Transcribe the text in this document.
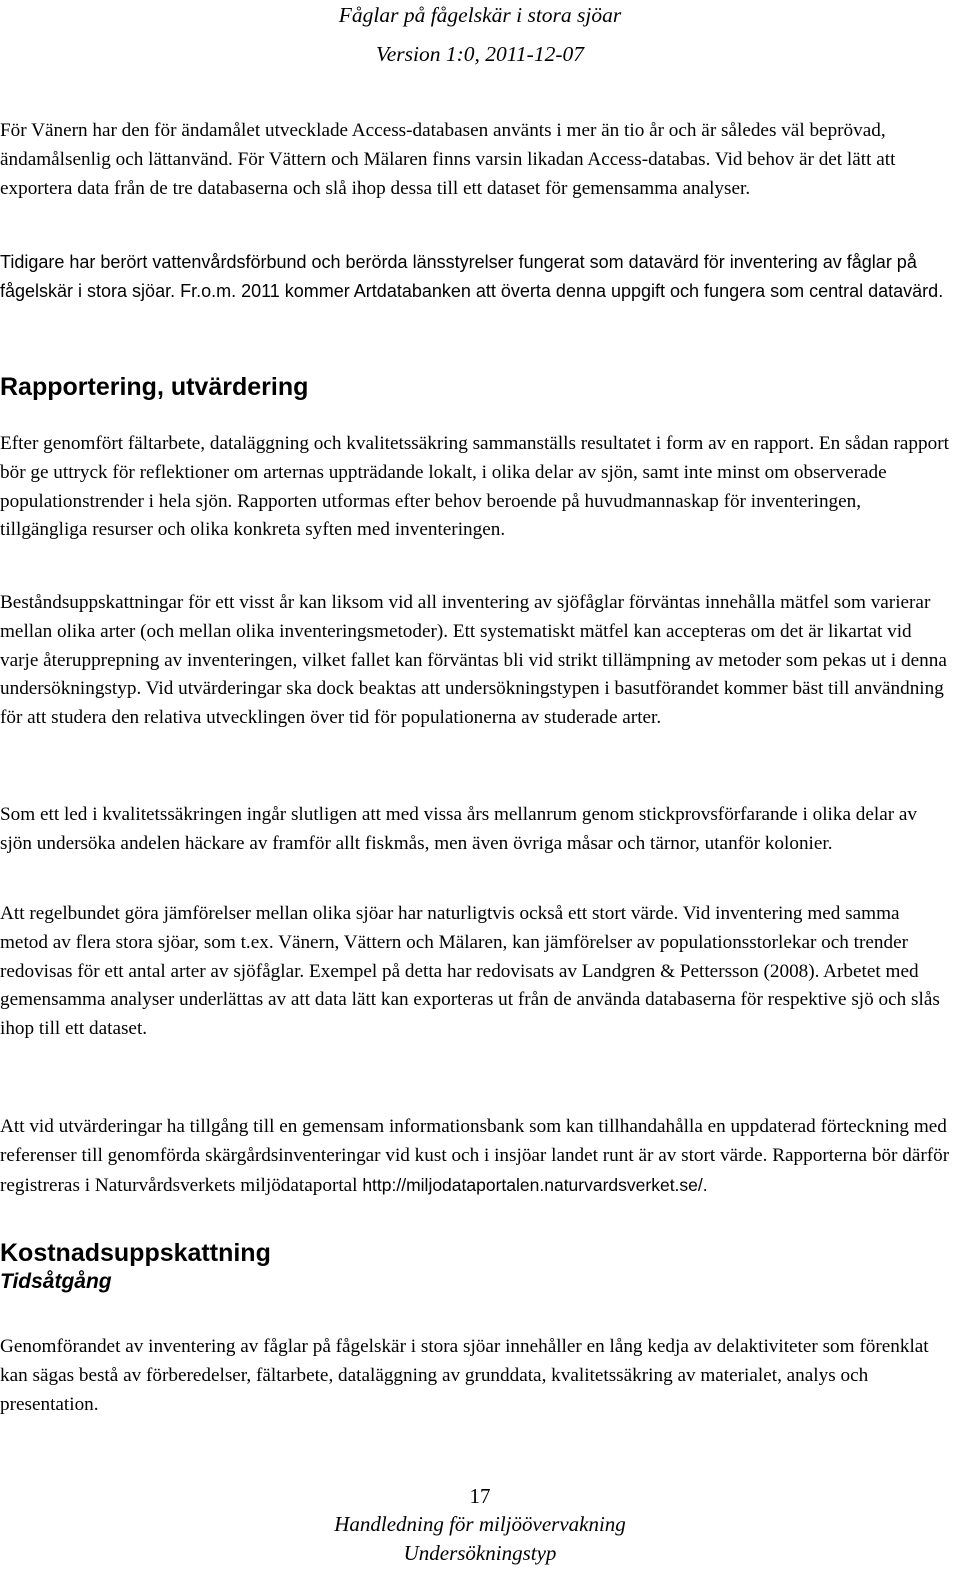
Fåglar på fågelskär i stora sjöar
Version 1:0, 2011-12-07

För Vänern har den för ändamålet utvecklade Access-databasen använts i mer än tio år och är således väl beprövad, ändamålsenlig och lättanvänd. För Vättern och Mälaren finns varsin likadan Access-databas. Vid behov är det lätt att exportera data från de tre databaserna och slå ihop dessa till ett dataset för gemensamma analyser.

Tidigare har berört vattenvårdsförbund och berörda länsstyrelser fungerat som datavärd för inventering av fåglar på fågelskär i stora sjöar. Fr.o.m. 2011 kommer Artdatabanken att överta denna uppgift och fungera som central datavärd.

Rapportering, utvärdering

Efter genomfört fältarbete, dataläggning och kvalitetssäkring sammanställs resultatet i form av en rapport. En sådan rapport bör ge uttryck för reflektioner om arternas uppträdande lokalt, i olika delar av sjön, samt inte minst om observerade populationstrender i hela sjön. Rapporten utformas efter behov beroende på huvudmannaskap för inventeringen, tillgängliga resurser och olika konkreta syften med inventeringen.

Beståndsuppskattningar för ett visst år kan liksom vid all inventering av sjöfåglar förväntas innehålla mätfel som varierar mellan olika arter (och mellan olika inventeringsmetoder). Ett systematiskt mätfel kan accepteras om det är likartat vid varje återupprepning av inventeringen, vilket fallet kan förväntas bli vid strikt tillämpning av metoder som pekas ut i denna undersökningstyp. Vid utvärderingar ska dock beaktas att undersökningstypen i basutförandet kommer bäst till användning för att studera den relativa utvecklingen över tid för populationerna av studerade arter.

Som ett led i kvalitetssäkringen ingår slutligen att med vissa års mellanrum genom stickprovsförfarande i olika delar av sjön undersöka andelen häckare av framför allt fiskmås, men även övriga måsar och tärnor, utanför kolonier.

Att regelbundet göra jämförelser mellan olika sjöar har naturligtvis också ett stort värde. Vid inventering med samma metod av flera stora sjöar, som t.ex. Vänern, Vättern och Mälaren, kan jämförelser av populationsstorlekar och trender redovisas för ett antal arter av sjöfåglar. Exempel på detta har redovisats av Landgren & Pettersson (2008). Arbetet med gemensamma analyser underlättas av att data lätt kan exporteras ut från de använda databaserna för respektive sjö och slås ihop till ett dataset.

Att vid utvärderingar ha tillgång till en gemensam informationsbank som kan tillhandahålla en uppdaterad förteckning med referenser till genomförda skärgårdsinventeringar vid kust och i insjöar landet runt är av stort värde. Rapporterna bör därför registreras i Naturvårdsverkets miljödataportal http://miljodataportalen.naturvardsverket.se/.

Kostnadsuppskattning
Tidsåtgång

Genomförandet av inventering av fåglar på fågelskär i stora sjöar innehåller en lång kedja av delaktiviteter som förenklat kan sägas bestå av förberedelser, fältarbete, dataläggning av grunddata, kvalitetssäkring av materialet, analys och presentation.

17
Handledning för miljöövervakning
Undersökningstyp
